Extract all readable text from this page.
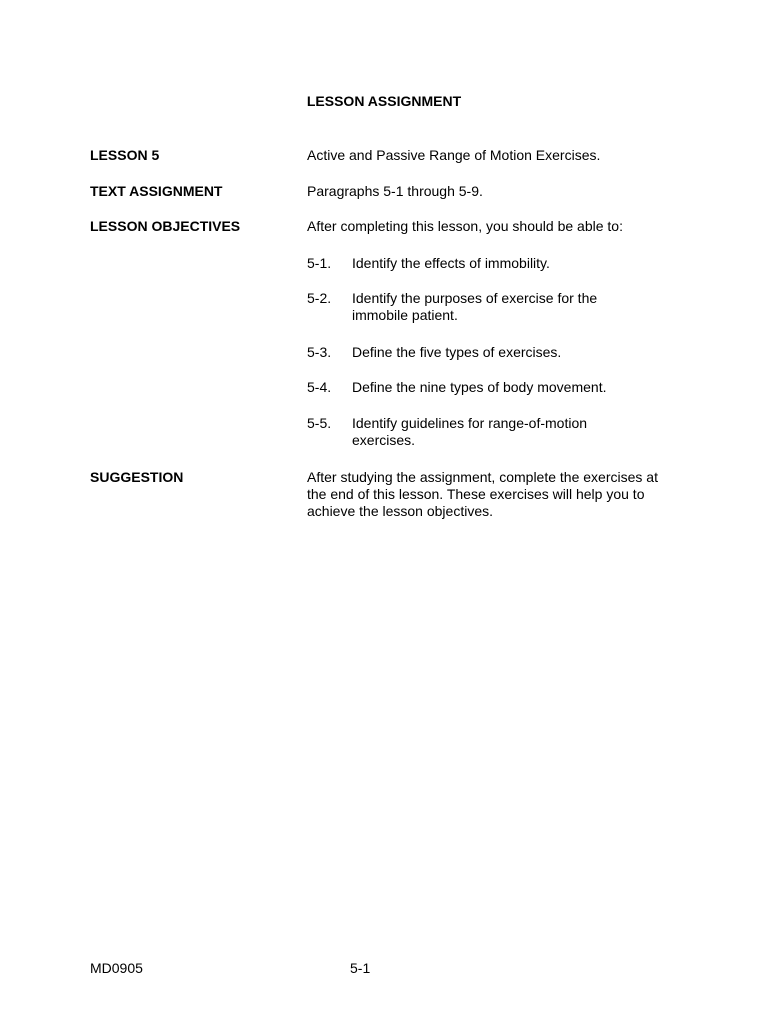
LESSON ASSIGNMENT
LESSON 5	Active and Passive Range of Motion Exercises.
TEXT ASSIGNMENT	Paragraphs 5-1 through 5-9.
LESSON OBJECTIVES	After completing this lesson, you should be able to:
5-1.	Identify the effects of immobility.
5-2.	Identify the purposes of exercise for the immobile patient.
5-3.	Define the five types of exercises.
5-4.	Define the nine types of body movement.
5-5.	Identify guidelines for range-of-motion exercises.
SUGGESTION	After studying the assignment, complete the exercises at the end of this lesson. These exercises will help you to achieve the lesson objectives.
MD0905	5-1
